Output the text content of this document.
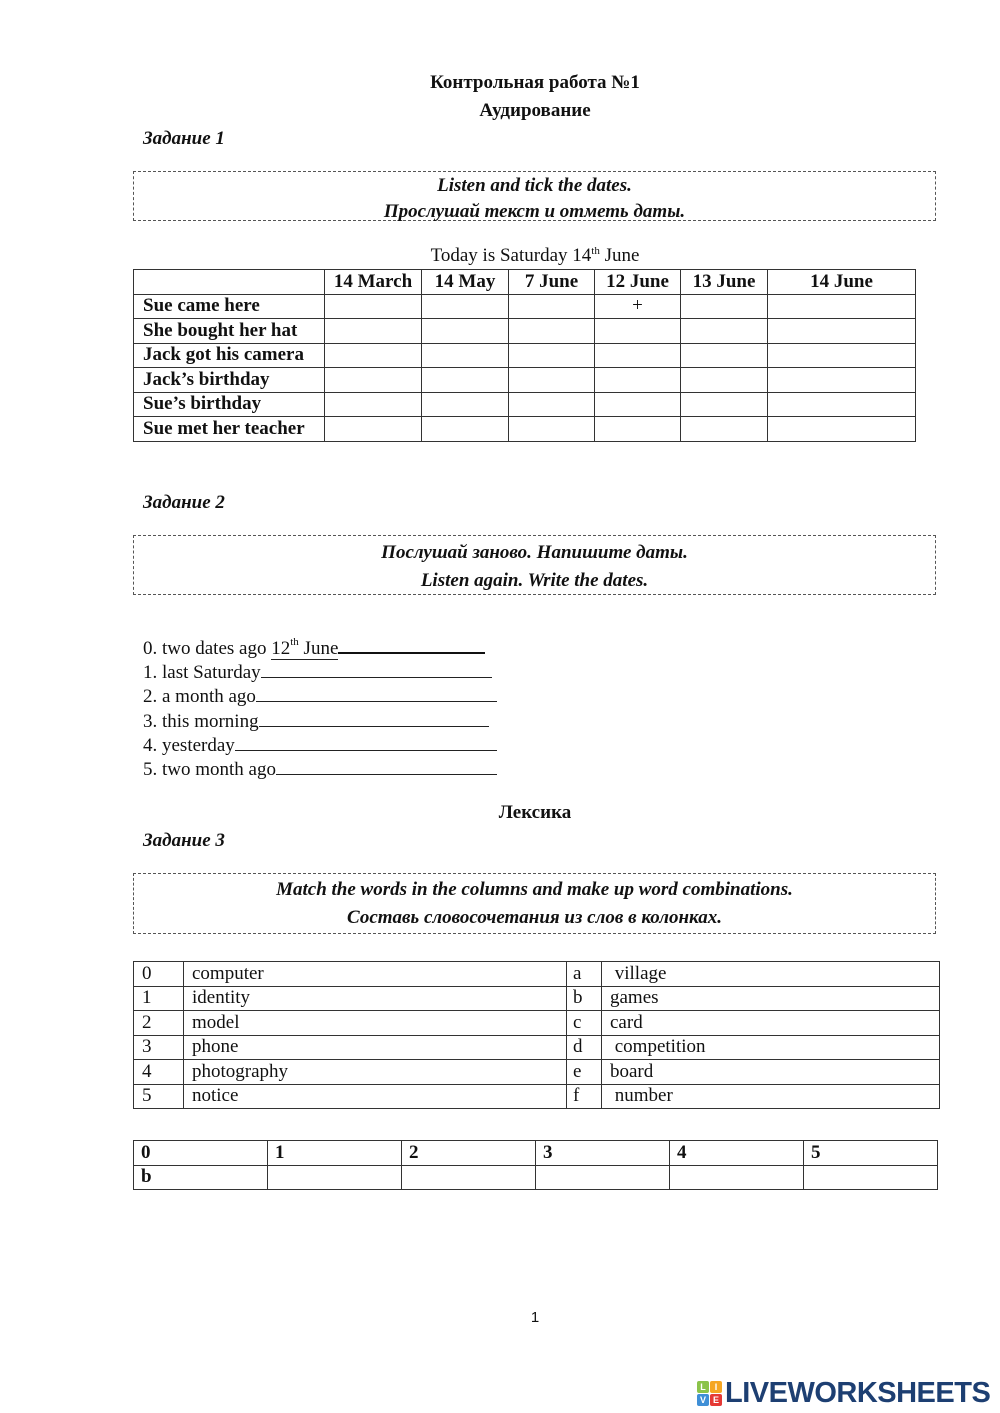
Контрольная работа №1
Аудирование
Задание 1
Listen and tick the dates.
Прослушай текст и отметь даты.
Today is Saturday 14th June
	14 March	14 May	7 June	12 June	13 June	14 June
Sue came here				+		
She bought her hat						
Jack got his camera						
Jack’s birthday						
Sue’s birthday						
Sue met her teacher						
Задание 2
Послушай заново. Напишите даты.
Listen again. Write the dates.
0. two dates ago 12th June
1. last Saturday
2. a month ago
3. this morning
4. yesterday
5. two month ago
Лексика
Задание 3
Match the words in the columns and make up word combinations.
Составь словосочетания из слов в колонках.
0	computer	a	village
1	identity	b	games
2	model	c	card
3	phone	d	competition
4	photography	e	board
5	notice	f	number
0	1	2	3	4	5
b					
1
L I
V E LIVEWORKSHEETS
